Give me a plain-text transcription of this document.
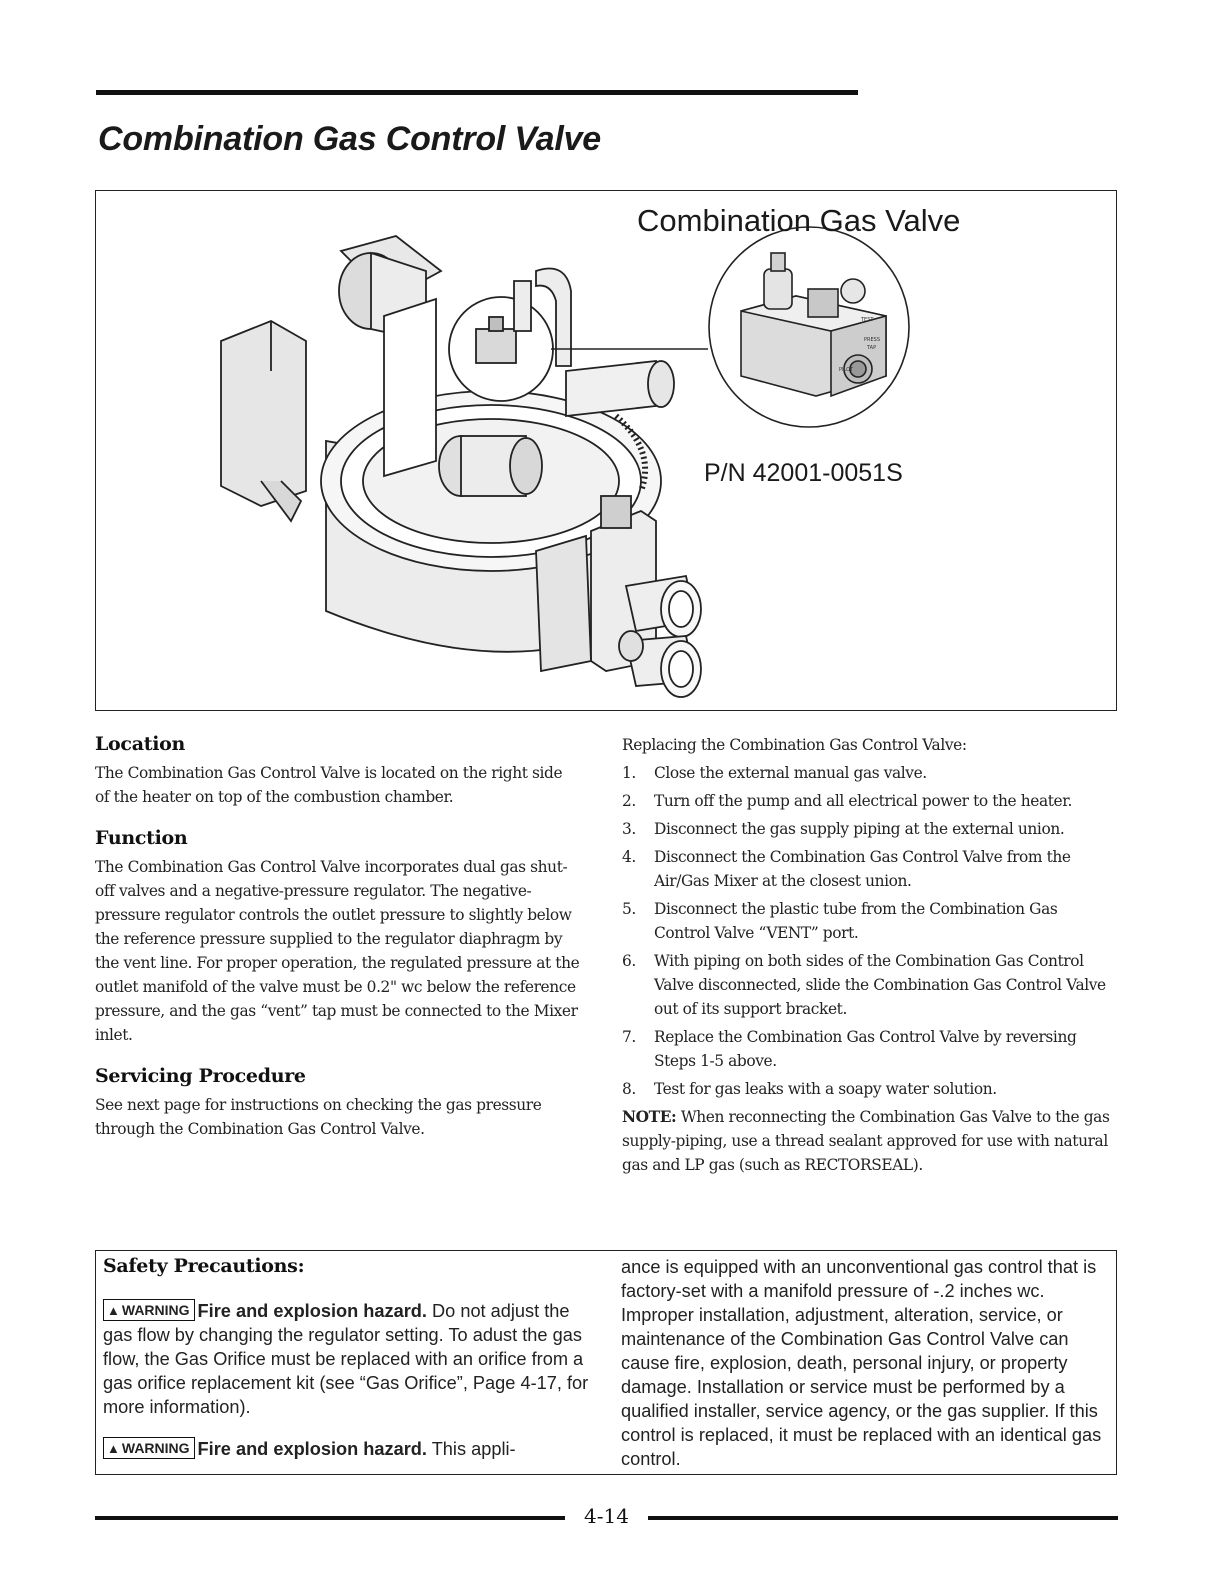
Combination Gas Control Valve
TEST
PRESS
TAP
PILOT
Combination Gas Valve
P/N 42001-0051S
Location

The Combination Gas Control Valve is located on the right side of the heater on top of the combustion chamber.

Function

The Combination Gas Control Valve incorporates dual gas shut-off valves and a negative-pressure regulator. The negative-pressure regulator controls the outlet pressure to slightly below the reference pressure supplied to the regulator diaphragm by the vent line. For proper operation, the regulated pressure at the outlet manifold of the valve must be 0.2" wc below the reference pressure, and the gas “vent” tap must be connected to the Mixer inlet.

Servicing Procedure

See next page for instructions on checking the gas pressure through the Combination Gas Control Valve.

Replacing the Combination Gas Control Valve:

1. Close the external manual gas valve.
2. Turn off the pump and all electrical power to the heater.
3. Disconnect the gas supply piping at the external union.
4. Disconnect the Combination Gas Control Valve from the Air/Gas Mixer at the closest union.
5. Disconnect the plastic tube from the Combination Gas Control Valve “VENT” port.
6. With piping on both sides of the Combination Gas Control Valve disconnected, slide the Combination Gas Control Valve out of its support bracket.
7. Replace the Combination Gas Control Valve by reversing Steps 1-5 above.
8. Test for gas leaks with a soapy water solution.

NOTE: When reconnecting the Combination Gas Valve to the gas supply-piping, use a thread sealant approved for use with natural gas and LP gas (such as RECTORSEAL).

Safety Precautions:

▲ WARNING Fire and explosion hazard. Do not adjust the gas flow by changing the regulator setting. To adust the gas flow, the Gas Orifice must be replaced with an orifice from a gas orifice replacement kit (see “Gas Orifice”, Page 4-17, for more information).

▲ WARNING Fire and explosion hazard. This appli-

ance is equipped with an unconventional gas control that is factory-set with a manifold pressure of -.2 inches wc. Improper installation, adjustment, alteration, service, or maintenance of the Combination Gas Control Valve can cause fire, explosion, death, personal injury, or property damage. Installation or service must be performed by a qualified installer, service agency, or the gas supplier. If this control is replaced, it must be replaced with an identical gas control.

4-14
